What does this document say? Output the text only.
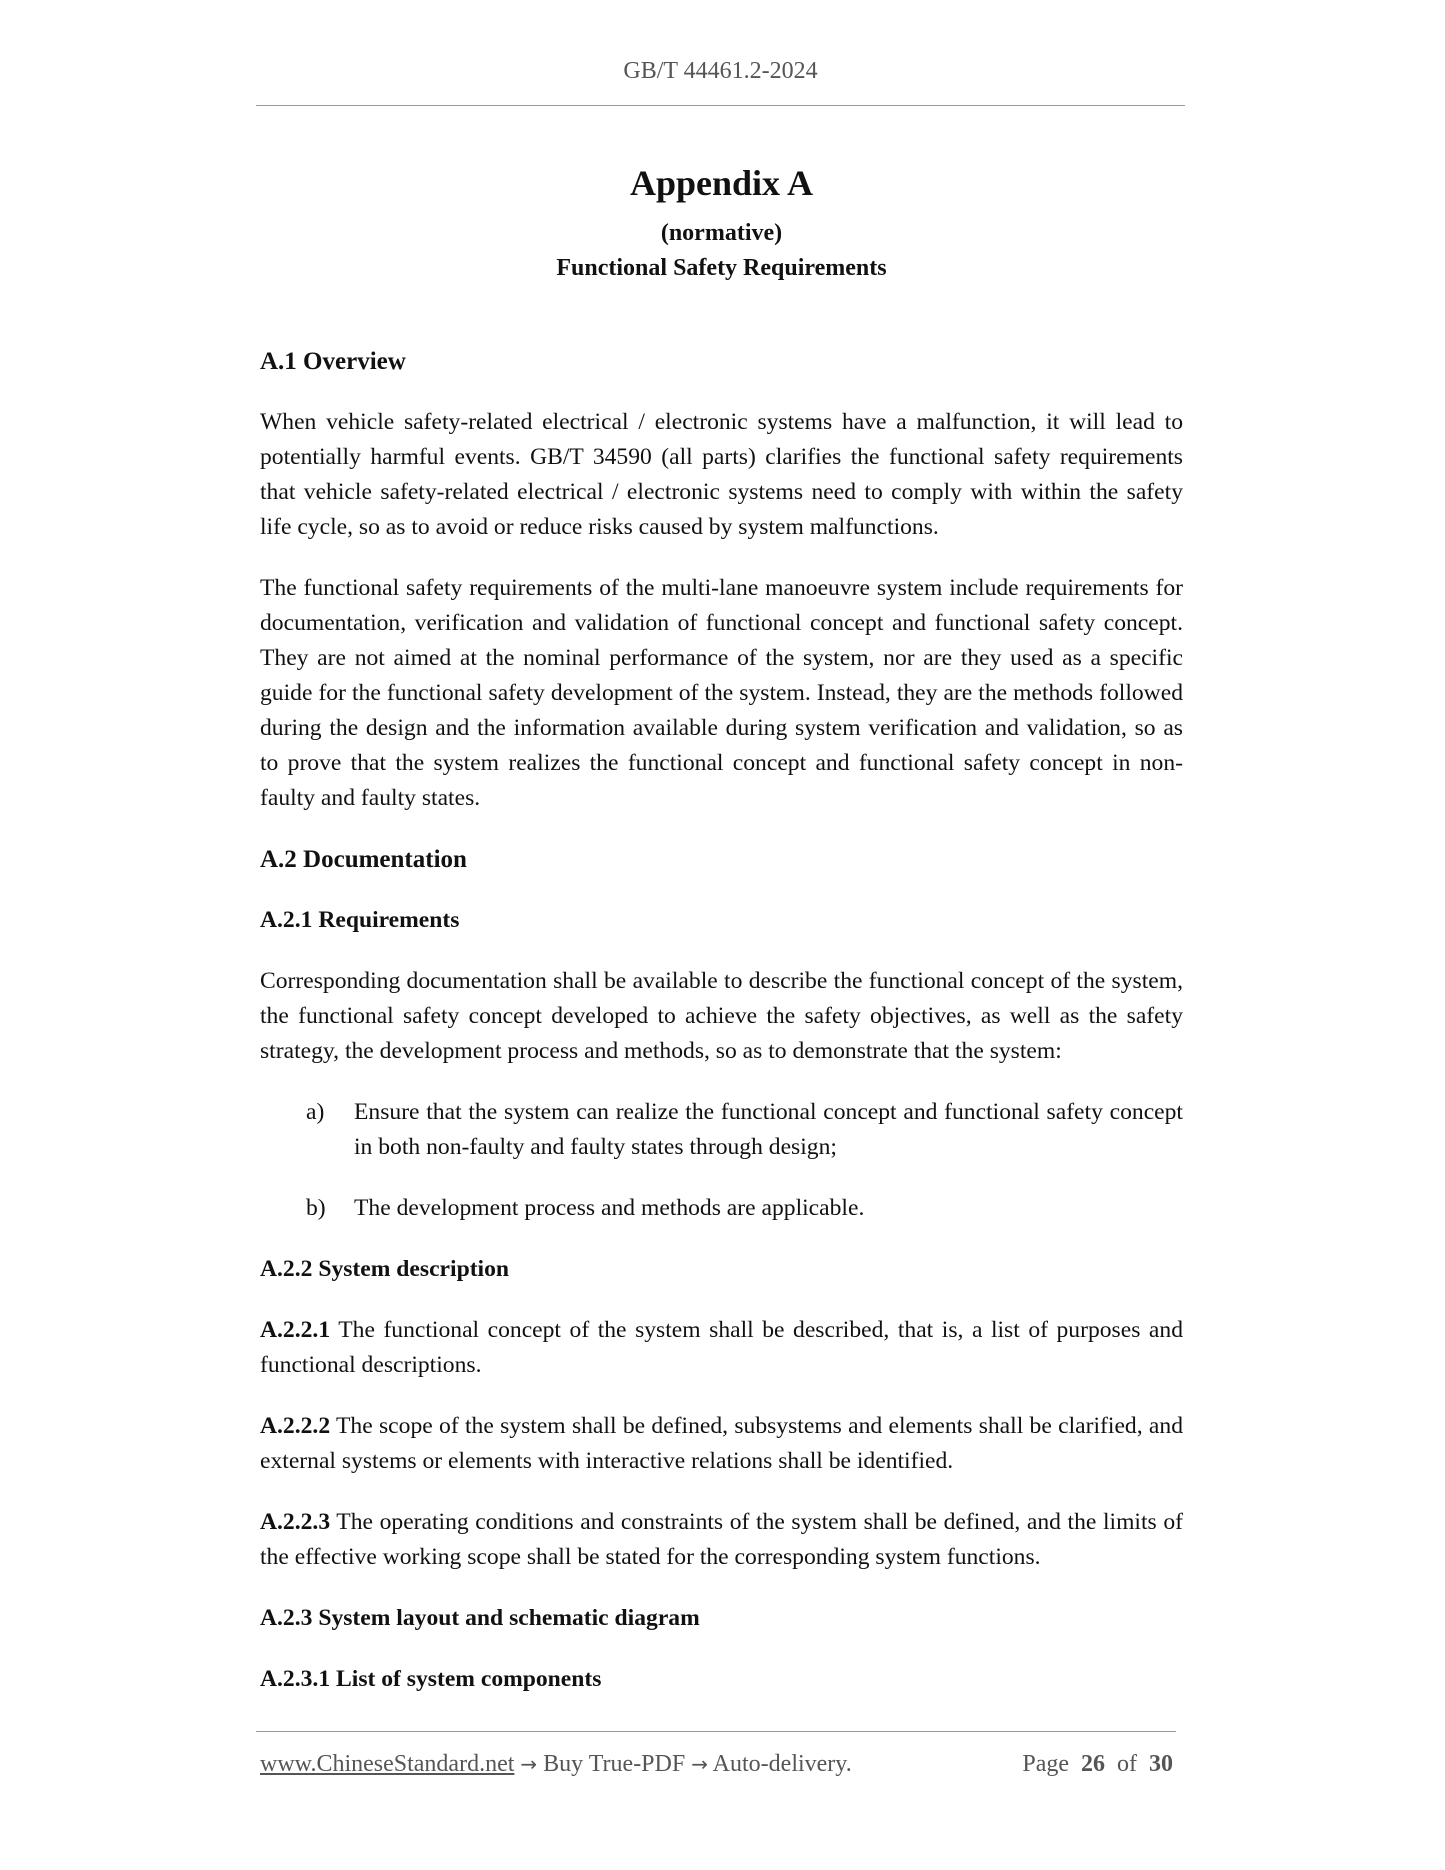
GB/T 44461.2-2024
Appendix A
(normative)
Functional Safety Requirements
A.1 Overview

When vehicle safety-related electrical / electronic systems have a malfunction, it will lead to potentially harmful events. GB/T 34590 (all parts) clarifies the functional safety requirements that vehicle safety-related electrical / electronic systems need to comply with within the safety life cycle, so as to avoid or reduce risks caused by system malfunctions.

The functional safety requirements of the multi-lane manoeuvre system include requirements for documentation, verification and validation of functional concept and functional safety concept. They are not aimed at the nominal performance of the system, nor are they used as a specific guide for the functional safety development of the system. Instead, they are the methods followed during the design and the information available during system verification and validation, so as to prove that the system realizes the functional concept and functional safety concept in non-faulty and faulty states.

A.2 Documentation
A.2.1 Requirements

Corresponding documentation shall be available to describe the functional concept of the system, the functional safety concept developed to achieve the safety objectives, as well as the safety strategy, the development process and methods, so as to demonstrate that the system:

a)	Ensure that the system can realize the functional concept and functional safety concept in both non-faulty and faulty states through design;
b)	The development process and methods are applicable.
A.2.2 System description

A.2.2.1 The functional concept of the system shall be described, that is, a list of purposes and functional descriptions.

A.2.2.2 The scope of the system shall be defined, subsystems and elements shall be clarified, and external systems or elements with interactive relations shall be identified.

A.2.2.3 The operating conditions and constraints of the system shall be defined, and the limits of the effective working scope shall be stated for the corresponding system functions.

A.2.3 System layout and schematic diagram
A.2.3.1 List of system components
www.ChineseStandard.net → Buy True-PDF → Auto-delivery.	Page 26 of 30
